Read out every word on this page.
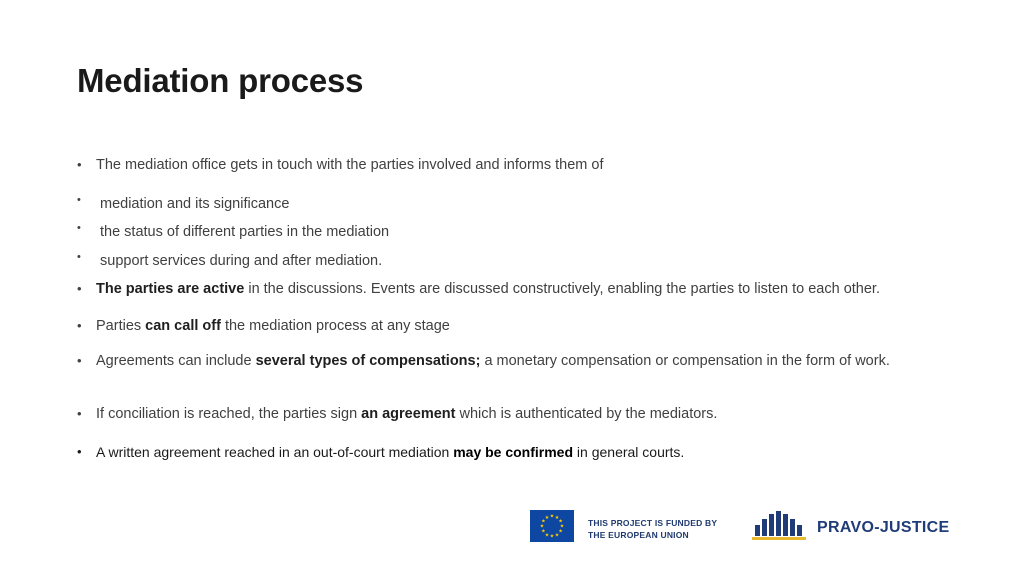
Mediation process
• The mediation office gets in touch with the parties involved and informs them of
• mediation and its significance
• the status of different parties in the mediation
• support services during and after mediation.
• The parties are active in the discussions. Events are discussed constructively, enabling the parties to listen to each other.
• Parties can call off the mediation process at any stage
• Agreements can include several types of compensations; a monetary compensation or compensation in the form of work.
• If conciliation is reached, the parties sign an agreement which is authenticated by the mediators.
• A written agreement reached in an out-of-court mediation may be confirmed in general courts.
★
★
★
★
★
★
★
★
★ ★ ★
★	THIS PROJECT IS FUNDED BY
THE EUROPEAN UNION	PRAVO-JUSTICE
